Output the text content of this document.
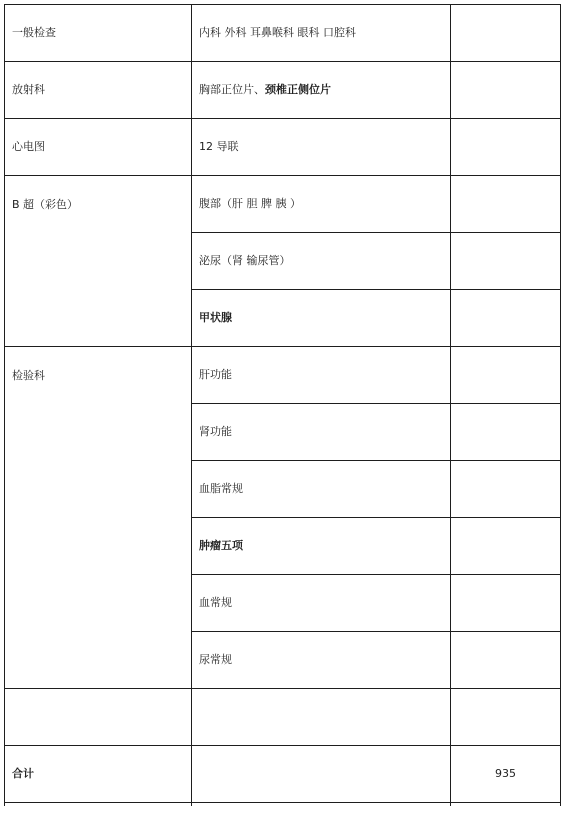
一般检查	内科 外科 耳鼻喉科 眼科 口腔科	
放射科	胸部正位片、颈椎正侧位片	
心电图	12 导联	
B 超（彩色）	腹部（肝 胆 脾 胰 ）	
	泌尿（肾 输尿管）	
	甲状腺	
检验科	肝功能	
	肾功能	
	血脂常规	
	肿瘤五项	
	血常规	
	尿常规	

合计		935
